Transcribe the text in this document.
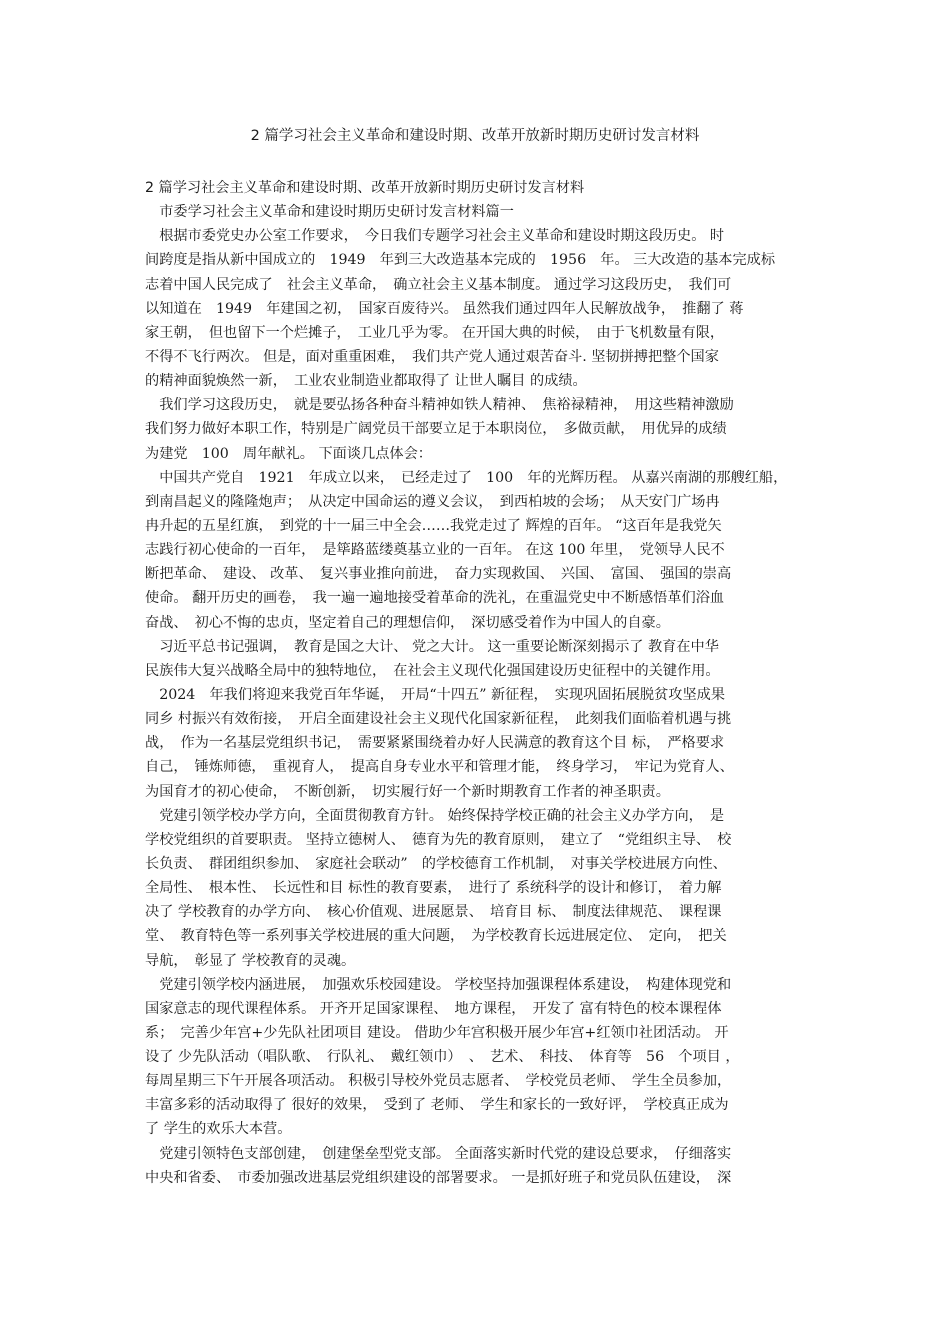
2 篇学习社会主义革命和建设时期、改革开放新时期历史研讨发言材料
2 篇学习社会主义革命和建设时期、改革开放新时期历史研讨发言材料
　市委学习社会主义革命和建设时期历史研讨发言材料篇一
　根据市委党史办公室工作要求，　今日我们专题学习社会主义革命和建设时期这段历史。 时
间跨度是指从新中国成立的　1949　年到三大改造基本完成的　1956　年。 三大改造的基本完成标
志着中国人民完成了　社会主义革命，　确立社会主义基本制度。 通过学习这段历史，　我们可
以知道在　1949　年建国之初，　国家百废待兴。 虽然我们通过四年人民解放战争，　推翻了 蒋
家王朝，　但也留下一个烂摊子，　工业几乎为零。 在开国大典的时候，　由于飞机数量有限，
不得不飞行两次。 但是，面对重重困难，　我们共产党人通过艰苦奋斗. 坚韧拼搏把整个国家
的精神面貌焕然一新，　工业农业制造业都取得了 让世人瞩目 的成绩。
　我们学习这段历史，　就是要弘扬各种奋斗精神如铁人精神、　焦裕禄精神，　用这些精神激励
我们努力做好本职工作，特别是广阔党员干部要立足于本职岗位，　多做贡献，　用优异的成绩
为建党　100　周年献礼。 下面谈几点体会：
　中国共产党自　1921　年成立以来，　已经走过了　100　年的光辉历程。 从嘉兴南湖的那艘红船，
到南昌起义的隆隆炮声；　从决定中国命运的遵义会议，　到西柏坡的会场；　从天安门广场冉
冉升起的五星红旗，　到党的十一届三中全会……我党走过了 辉煌的百年。 “这百年是我党矢
志践行初心使命的一百年，　是筚路蓝缕奠基立业的一百年。 在这 100 年里，　党领导人民不
断把革命、　建设、 改革、　复兴事业推向前进，　奋力实现救国、　兴国、　富国、　强国的崇高
使命。 翻开历史的画卷，　我一遍一遍地接受着革命的洗礼，在重温党史中不断感悟革们浴血
奋战、　初心不悔的忠贞，坚定着自己的理想信仰，　深切感受着作为中国人的自豪。
　习近平总书记强调，　教育是国之大计、 党之大计。 这一重要论断深刻揭示了 教育在中华
民族伟大复兴战略全局中的独特地位，　在社会主义现代化强国建设历史征程中的关键作用。
　2024　年我们将迎来我党百年华诞，　开局“十四五” 新征程，　实现巩固拓展脱贫攻坚成果
同乡 村振兴有效衔接，　开启全面建设社会主义现代化国家新征程，　此刻我们面临着机遇与挑
战，　作为一名基层党组织书记，　需要紧紧围绕着办好人民满意的教育这个目 标，　严格要求
自己，　锤炼师德，　重视育人，　提高自身专业水平和管理才能，　终身学习，　牢记为党育人、
为国育才的初心使命，　不断创新，　切实履行好一个新时期教育工作者的神圣职责。
　党建引领学校办学方向，全面贯彻教育方针。 始终保持学校正确的社会主义办学方向，　是
学校党组织的首要职责。 坚持立德树人、　德育为先的教育原则，　建立了　“党组织主导、　校
长负责、　群团组织参加、　家庭社会联动”　的学校德育工作机制，　对事关学校进展方向性、
全局性、　根本性、　长远性和目 标性的教育要素，　进行了 系统科学的设计和修订，　着力解
决了 学校教育的办学方向、　核心价值观、进展愿景、　培育目 标、　制度法律规范、　课程课
堂、　教育特色等一系列事关学校进展的重大问题，　为学校教育长远进展定位、　定向，　把关
导航，　彰显了 学校教育的灵魂。
　党建引领学校内涵进展，　加强欢乐校园建设。 学校坚持加强课程体系建设，　构建体现党和
国家意志的现代课程体系。 开齐开足国家课程、　地方课程，　开发了 富有特色的校本课程体
系；　完善少年宫+少先队社团项目 建设。 借助少年宫积极开展少年宫+红领巾社团活动。 开
设了 少先队活动（唱队歌、　行队礼、　戴红领巾）　、　艺术、　科技、　体育等　56　个项目 ，
每周星期三下午开展各项活动。 积极引导校外党员志愿者、　学校党员老师、　学生全员参加，
丰富多彩的活动取得了 很好的效果，　受到了 老师、　学生和家长的一致好评，　学校真正成为
了 学生的欢乐大本营。
　党建引领特色支部创建，　创建堡垒型党支部。 全面落实新时代党的建设总要求，　仔细落实
中央和省委、　市委加强改进基层党组织建设的部署要求。 一是抓好班子和党员队伍建设，　深
